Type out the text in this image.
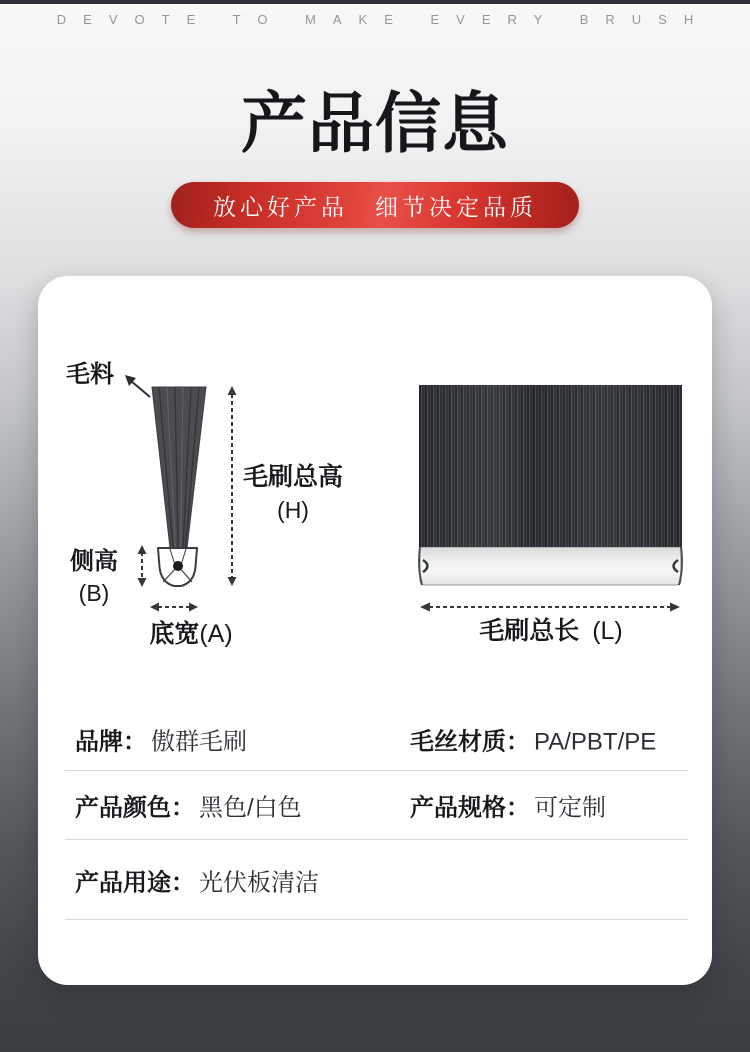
DEVOTE TO MAKE EVERY BRUSH
产品信息
放心好产品　细节决定品质
毛料
毛刷总高
(H)
侧高
(B)
底宽(A)	毛刷总长 (L)
品牌： 傲群毛刷	毛丝材质： PA/PBT/PE
产品颜色： 黑色/白色	产品规格： 可定制
产品用途： 光伏板清洁
